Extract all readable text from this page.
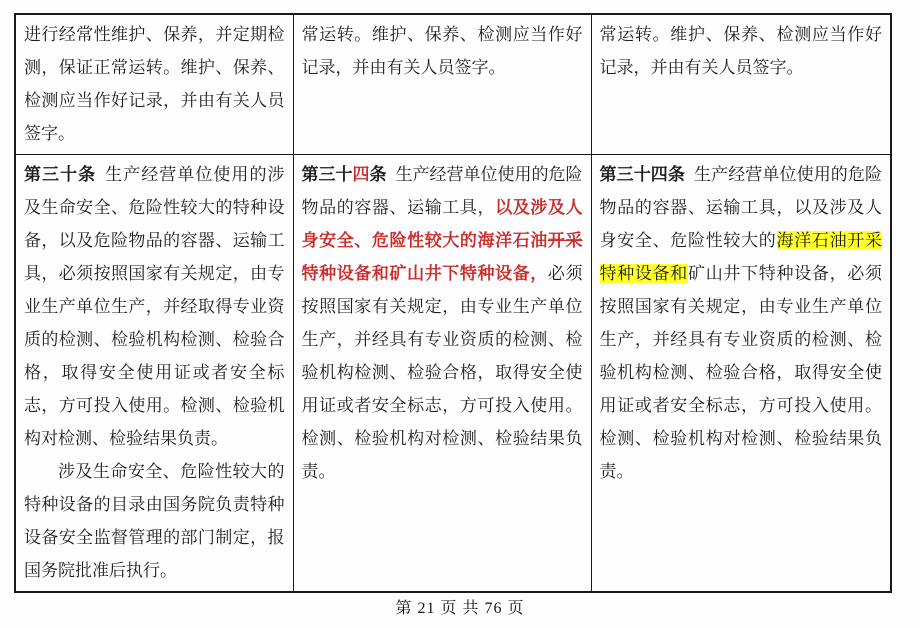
进行经常性维护、保养，并定期检测，保证正常运转。维护、保养、检测应当作好记录，并由有关人员签字。	常运转。维护、保养、检测应当作好记录，并由有关人员签字。	常运转。维护、保养、检测应当作好记录，并由有关人员签字。

第三十条 生产经营单位使用的涉及生命安全、危险性较大的特种设备，以及危险物品的容器、运输工具，必须按照国家有关规定，由专业生产单位生产，并经取得专业资质的检测、检验机构检测、检验合格，取得安全使用证或者安全标志，方可投入使用。检测、检验机构对检测、检验结果负责。

涉及生命安全、危险性较大的特种设备的目录由国务院负责特种设备安全监督管理的部门制定，报国务院批准后执行。	第三十四条 生产经营单位使用的危险物品的容器、运输工具，以及涉及人身安全、危险性较大的海洋石油开采特种设备和矿山井下特种设备，必须按照国家有关规定，由专业生产单位生产，并经具有专业资质的检测、检验机构检测、检验合格，取得安全使用证或者安全标志，方可投入使用。检测、检验机构对检测、检验结果负责。	第三十四条 生产经营单位使用的危险物品的容器、运输工具，以及涉及人身安全、危险性较大的海洋石油开采特种设备和矿山井下特种设备，必须按照国家有关规定，由专业生产单位生产，并经具有专业资质的检测、检验机构检测、检验合格，取得安全使用证或者安全标志，方可投入使用。检测、检验机构对检测、检验结果负责。

第 21 页 共 76 页
